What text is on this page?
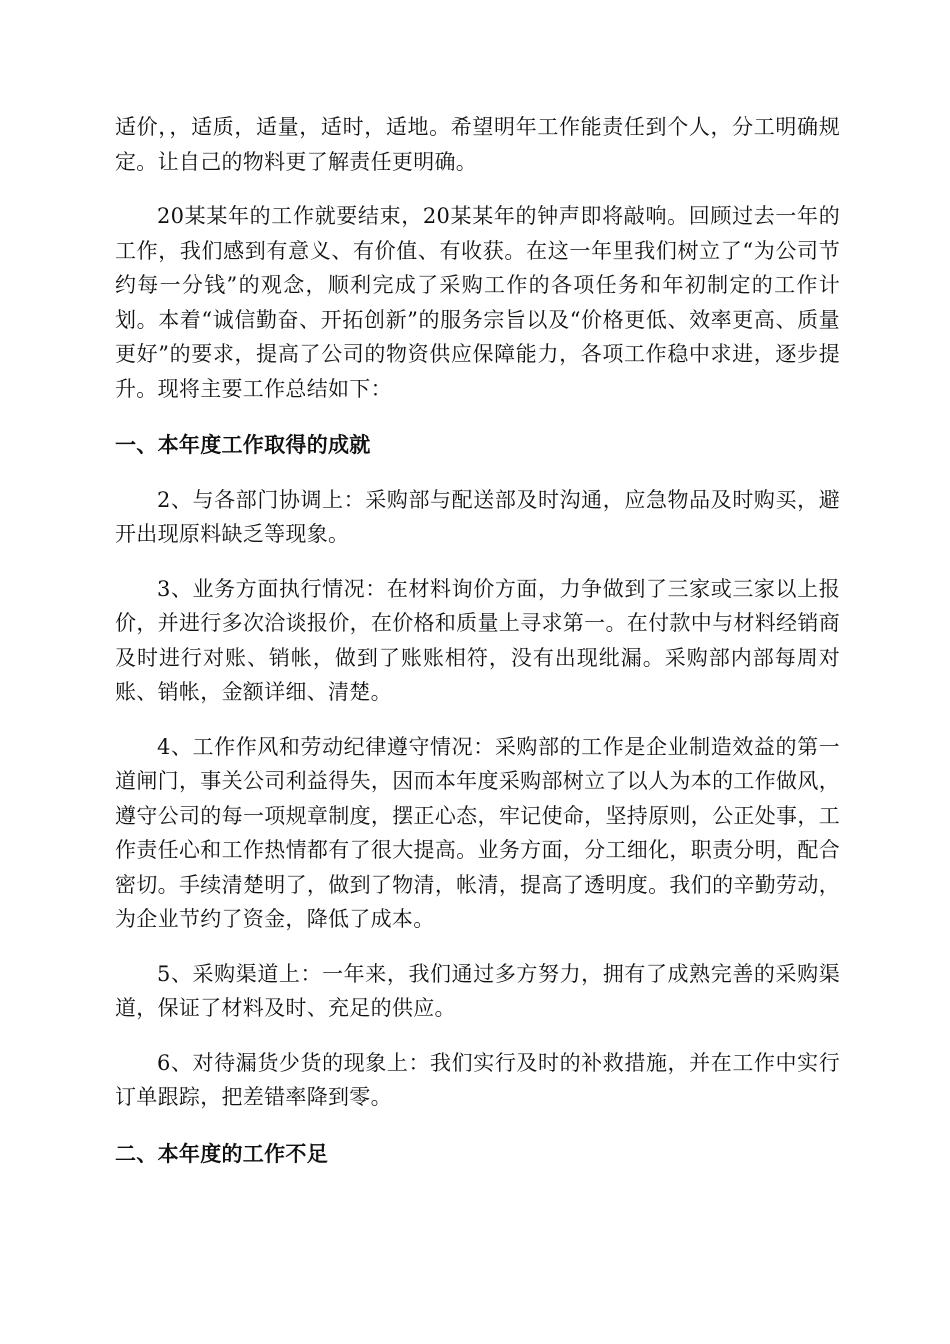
适价，，适质，适量，适时，适地。希望明年工作能责任到个人，分工明确规定。让自己的物料更了解责任更明确。

20某某年的工作就要结束，20某某年的钟声即将敲响。回顾过去一年的工作，我们感到有意义、有价值、有收获。在这一年里我们树立了“为公司节约每一分钱”的观念，顺利完成了采购工作的各项任务和年初制定的工作计划。本着“诚信勤奋、开拓创新”的服务宗旨以及“价格更低、效率更高、质量更好”的要求，提高了公司的物资供应保障能力，各项工作稳中求进，逐步提升。现将主要工作总结如下：

一、本年度工作取得的成就

2、与各部门协调上：采购部与配送部及时沟通，应急物品及时购买，避开出现原料缺乏等现象。

3、业务方面执行情况：在材料询价方面，力争做到了三家或三家以上报价，并进行多次洽谈报价，在价格和质量上寻求第一。在付款中与材料经销商及时进行对账、销帐，做到了账账相符，没有出现纰漏。采购部内部每周对账、销帐，金额详细、清楚。

4、工作作风和劳动纪律遵守情况：采购部的工作是企业制造效益的第一道闸门，事关公司利益得失，因而本年度采购部树立了以人为本的工作做风，遵守公司的每一项规章制度，摆正心态，牢记使命，坚持原则，公正处事，工作责任心和工作热情都有了很大提高。业务方面，分工细化，职责分明，配合密切。手续清楚明了，做到了物清，帐清，提高了透明度。我们的辛勤劳动，为企业节约了资金，降低了成本。

5、采购渠道上：一年来，我们通过多方努力，拥有了成熟完善的采购渠道，保证了材料及时、充足的供应。

6、对待漏货少货的现象上：我们实行及时的补救措施，并在工作中实行订单跟踪，把差错率降到零。

二、本年度的工作不足
